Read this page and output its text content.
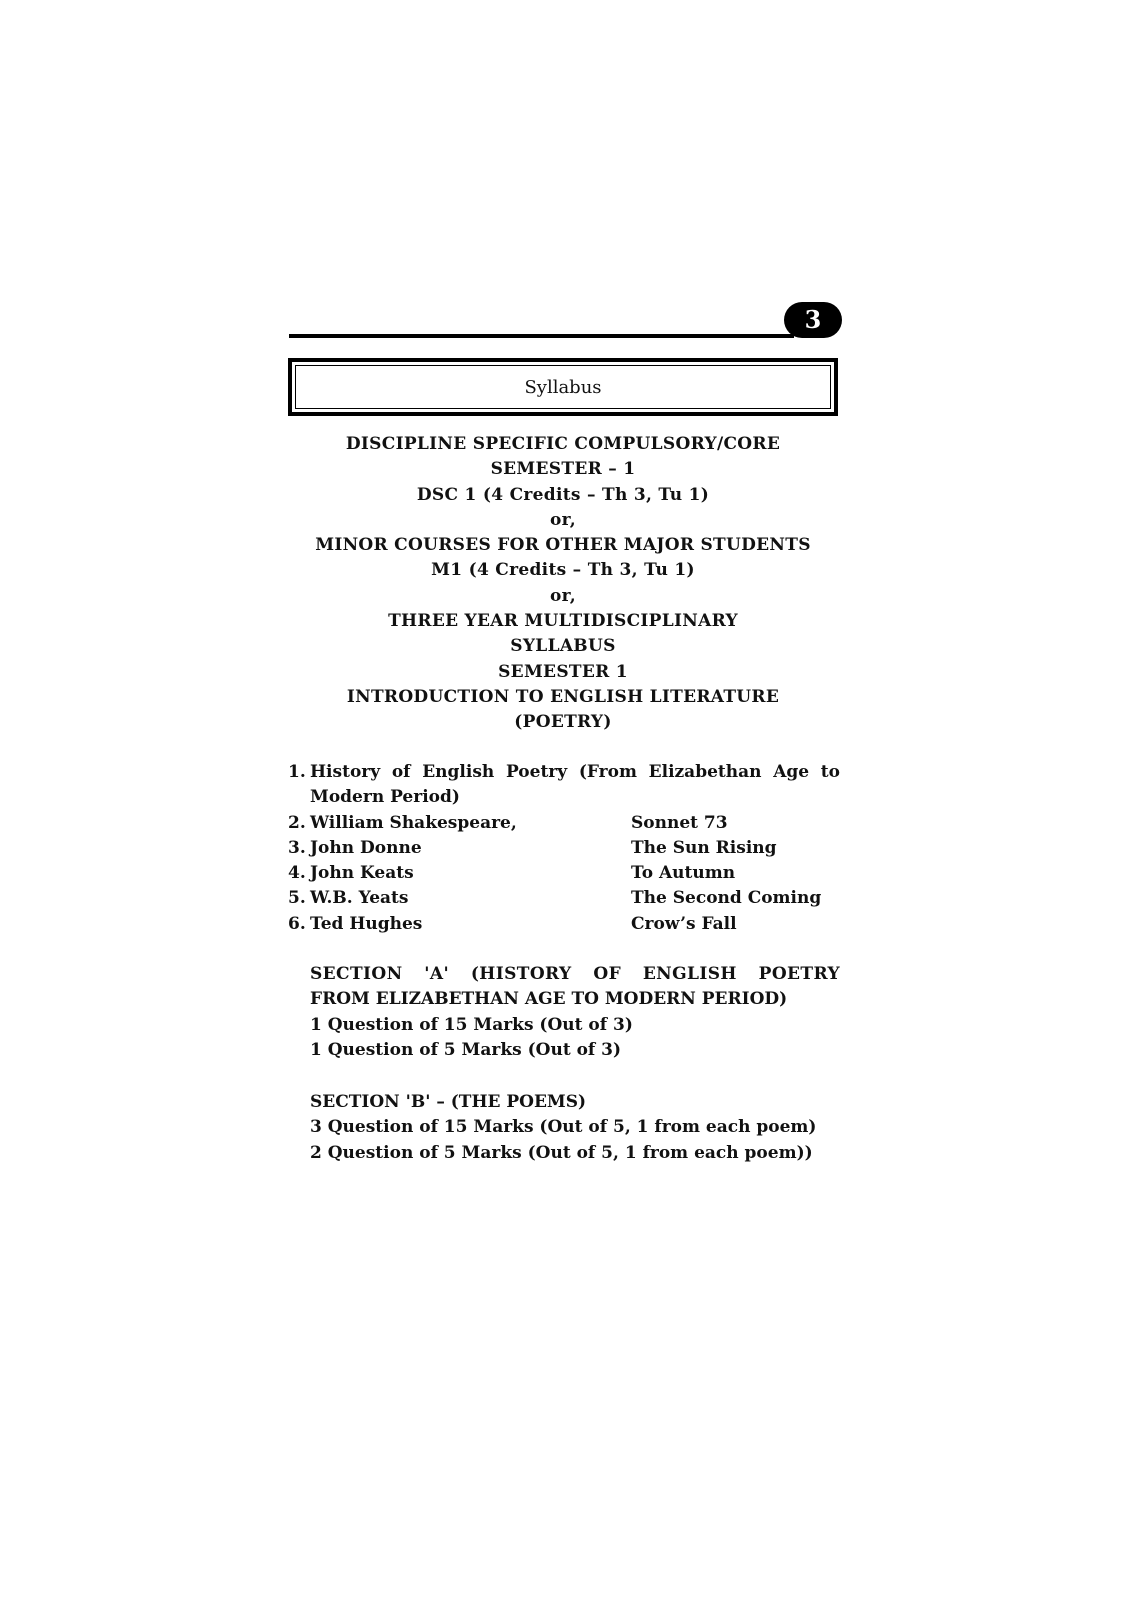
3
Syllabus
DISCIPLINE SPECIFIC COMPULSORY/CORE
SEMESTER – 1
DSC 1 (4 Credits – Th 3, Tu 1)
or,
MINOR COURSES FOR OTHER MAJOR STUDENTS
M1 (4 Credits – Th 3, Tu 1)
or,
THREE YEAR MULTIDISCIPLINARY
SYLLABUS
SEMESTER 1
INTRODUCTION TO ENGLISH LITERATURE
(POETRY)
1. History of English Poetry (From Elizabethan Age to
Modern Period)
2. William Shakespeare,	Sonnet 73
3. John Donne	The Sun Rising
4. John Keats	To Autumn
5. W.B. Yeats	The Second Coming
6. Ted Hughes	Crow’s Fall
SECTION 'A' (HISTORY OF ENGLISH POETRY
FROM ELIZABETHAN AGE TO MODERN PERIOD)
1 Question of 15 Marks (Out of 3)
1 Question of 5 Marks (Out of 3)
SECTION 'B' – (THE POEMS)
3 Question of 15 Marks (Out of 5, 1 from each poem)
2 Question of 5 Marks (Out of 5, 1 from each poem))
